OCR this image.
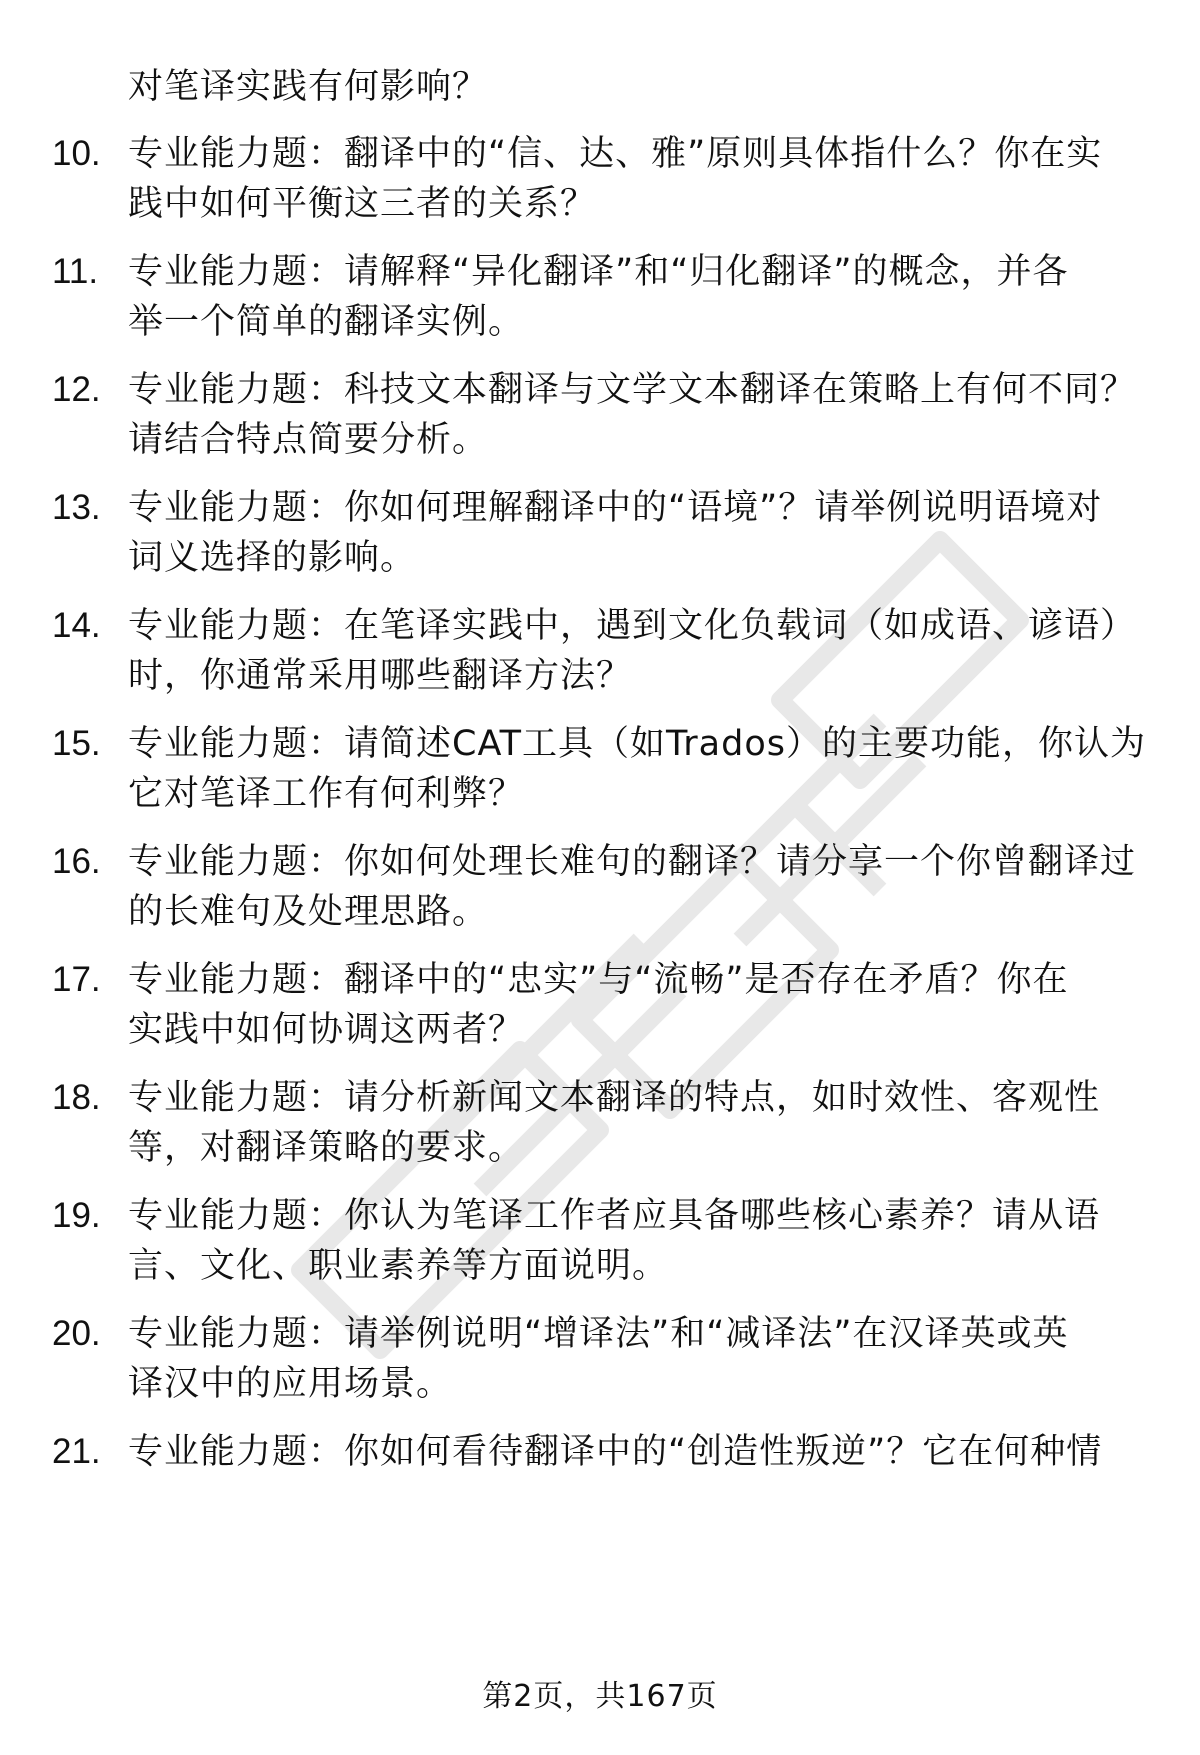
对笔译实践有何影响？
10. 专业能力题：翻译中的“信、达、雅”原则具体指什么？你在实
践中如何平衡这三者的关系？
11. 专业能力题：请解释“异化翻译”和“归化翻译”的概念，并各
举一个简单的翻译实例。
12. 专业能力题：科技文本翻译与文学文本翻译在策略上有何不同？
请结合特点简要分析。
13. 专业能力题：你如何理解翻译中的“语境”？请举例说明语境对
词义选择的影响。
14. 专业能力题：在笔译实践中，遇到文化负载词（如成语、谚语）
时，你通常采用哪些翻译方法？
15. 专业能力题：请简述CAT工具（如Trados）的主要功能，你认为
它对笔译工作有何利弊？
16. 专业能力题：你如何处理长难句的翻译？请分享一个你曾翻译过
的长难句及处理思路。
17. 专业能力题：翻译中的“忠实”与“流畅”是否存在矛盾？你在
实践中如何协调这两者？
18. 专业能力题：请分析新闻文本翻译的特点，如时效性、客观性
等，对翻译策略的要求。
19. 专业能力题：你认为笔译工作者应具备哪些核心素养？请从语
言、文化、职业素养等方面说明。
20. 专业能力题：请举例说明“增译法”和“减译法”在汉译英或英
译汉中的应用场景。
21. 专业能力题：你如何看待翻译中的“创造性叛逆”？它在何种情
第2页，共167页
